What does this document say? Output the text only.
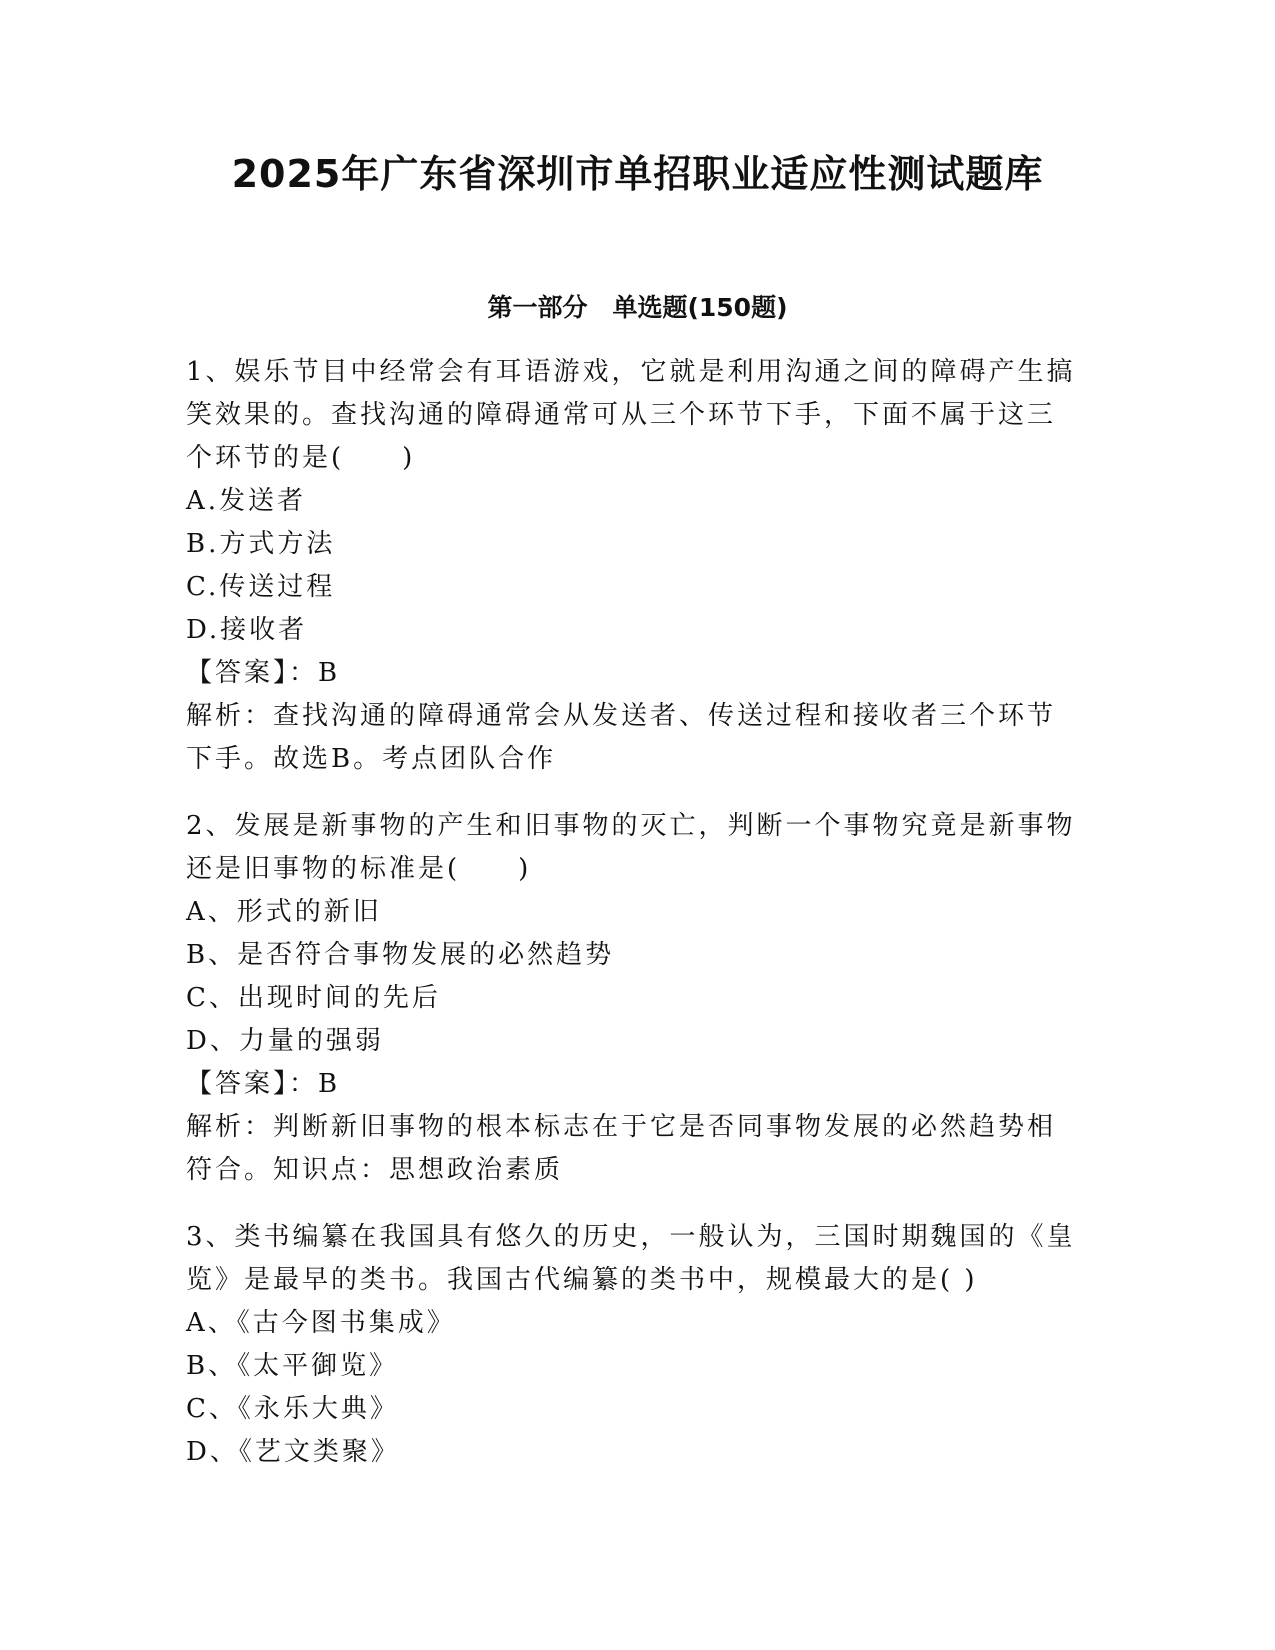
2025年广东省深圳市单招职业适应性测试题库
第一部分　单选题(150题)

1、娱乐节目中经常会有耳语游戏，它就是利用沟通之间的障碍产生搞

笑效果的。查找沟通的障碍通常可从三个环节下手，下面不属于这三

个环节的是(　　)

A.发送者

B.方式方法

C.传送过程

D.接收者

【答案】：B

解析：查找沟通的障碍通常会从发送者、传送过程和接收者三个环节

下手。故选B。考点团队合作

2、发展是新事物的产生和旧事物的灭亡，判断一个事物究竟是新事物

还是旧事物的标准是(　　)

A、形式的新旧

B、是否符合事物发展的必然趋势

C、出现时间的先后

D、力量的强弱

【答案】：B

解析：判断新旧事物的根本标志在于它是否同事物发展的必然趋势相

符合。知识点：思想政治素质

3、类书编纂在我国具有悠久的历史，一般认为，三国时期魏国的《皇

览》是最早的类书。我国古代编纂的类书中，规模最大的是( )

A、《古今图书集成》

B、《太平御览》

C、《永乐大典》

D、《艺文类聚》
